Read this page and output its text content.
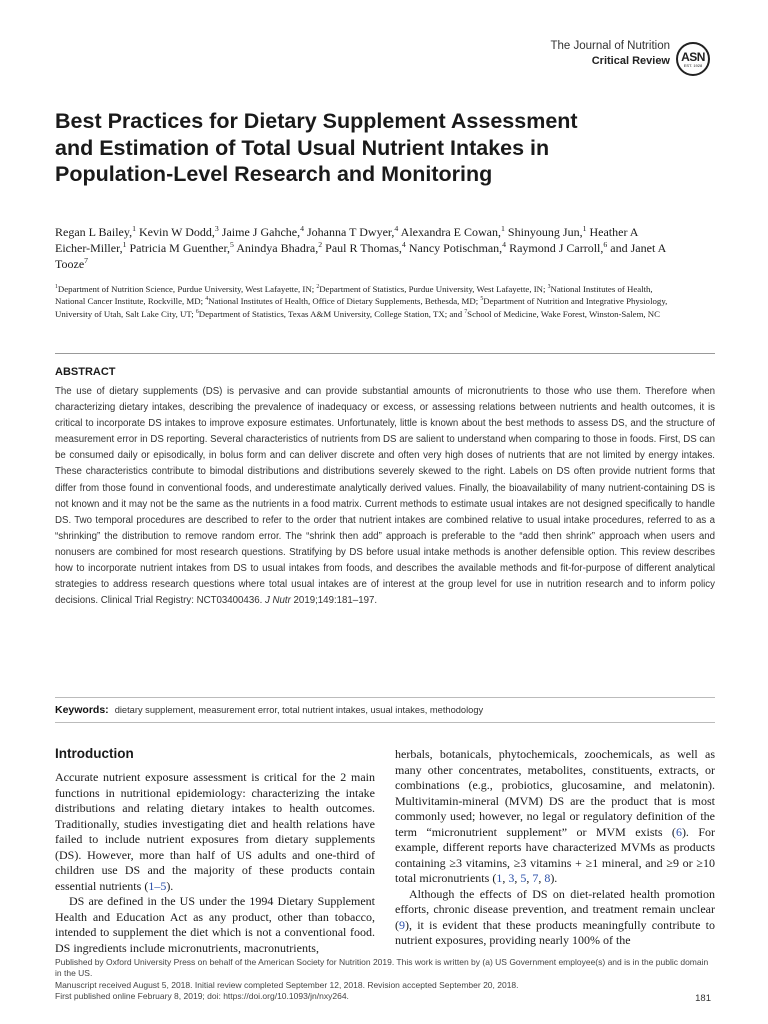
The Journal of Nutrition
Critical Review ASN
EST. 1928
Best Practices for Dietary Supplement Assessment and Estimation of Total Usual Nutrient Intakes in Population-Level Research and Monitoring
Regan L Bailey,$^1$ Kevin W Dodd,$^3$ Jaime J Gahche,$^4$ Johanna T Dwyer,$^4$ Alexandra E Cowan,$^1$ Shinyoung Jun,$^1$ Heather A Eicher-Miller,$^1$ Patricia M Guenther,$^5$ Anindya Bhadra,$^2$ Paul R Thomas,$^4$ Nancy Potischman,$^4$ Raymond J Carroll,$^6$ and Janet A Tooze$^7$
$^1$Department of Nutrition Science, Purdue University, West Lafayette, IN; $^2$Department of Statistics, Purdue University, West Lafayette, IN; $^3$National Institutes of Health, National Cancer Institute, Rockville, MD; $^4$National Institutes of Health, Office of Dietary Supplements, Bethesda, MD; $^5$Department of Nutrition and Integrative Physiology, University of Utah, Salt Lake City, UT; $^6$Department of Statistics, Texas A&M University, College Station, TX; and $^7$School of Medicine, Wake Forest, Winston-Salem, NC
ABSTRACT

The use of dietary supplements (DS) is pervasive and can provide substantial amounts of micronutrients to those who use them. Therefore when characterizing dietary intakes, describing the prevalence of inadequacy or excess, or assessing relations between nutrients and health outcomes, it is critical to incorporate DS intakes to improve exposure estimates. Unfortunately, little is known about the best methods to assess DS, and the structure of measurement error in DS reporting. Several characteristics of nutrients from DS are salient to understand when comparing to those in foods. First, DS can be consumed daily or episodically, in bolus form and can deliver discrete and often very high doses of nutrients that are not limited by energy intakes. These characteristics contribute to bimodal distributions and distributions severely skewed to the right. Labels on DS often provide nutrient forms that differ from those found in conventional foods, and underestimate analytically derived values. Finally, the bioavailability of many nutrient-containing DS is not known and it may not be the same as the nutrients in a food matrix. Current methods to estimate usual intakes are not designed specifically to handle DS. Two temporal procedures are described to refer to the order that nutrient intakes are combined relative to usual intake procedures, referred to as a “shrinking” the distribution to remove random error. The “shrink then add” approach is preferable to the “add then shrink” approach when users and nonusers are combined for most research questions. Stratifying by DS before usual intake methods is another defensible option. This review describes how to incorporate nutrient intakes from DS to usual intakes from foods, and describes the available methods and fit-for-purpose of different analytical strategies to address research questions where total usual intakes are of interest at the group level for use in nutrition research and to inform policy decisions. Clinical Trial Registry: NCT03400436. J Nutr 2019;149:181–197.

Keywords: dietary supplement, measurement error, total nutrient intakes, usual intakes, methodology
Introduction

Accurate nutrient exposure assessment is critical for the 2 main functions in nutritional epidemiology: characterizing the intake distributions and relating dietary intakes to health outcomes. Traditionally, studies investigating diet and health relations have failed to include nutrient exposures from dietary supplements (DS). However, more than half of US adults and one-third of children use DS and the majority of these products contain essential nutrients (1–5).

DS are defined in the US under the 1994 Dietary Supplement Health and Education Act as any product, other than tobacco, intended to supplement the diet which is not a conventional food. DS ingredients include micronutrients, macronutrients,

herbals, botanicals, phytochemicals, zoochemicals, as well as many other concentrates, metabolites, constituents, extracts, or combinations (e.g., probiotics, glucosamine, and melatonin). Multivitamin-mineral (MVM) DS are the product that is most commonly used; however, no legal or regulatory definition of the term “micronutrient supplement” or MVM exists (6). For example, different reports have characterized MVMs as products containing ≥3 vitamins, ≥3 vitamins + ≥1 mineral, and ≥9 or ≥10 total micronutrients (1, 3, 5, 7, 8).

Although the effects of DS on diet-related health promotion efforts, chronic disease prevention, and treatment remain unclear (9), it is evident that these products meaningfully contribute to nutrient exposures, providing nearly 100% of the

Published by Oxford University Press on behalf of the American Society for Nutrition 2019. This work is written by (a) US Government employee(s) and is in the public domain in the US.

Manuscript received August 5, 2018. Initial review completed September 12, 2018. Revision accepted September 20, 2018.

First published online February 8, 2019; doi: https://doi.org/10.1093/jn/nxy264.	181
